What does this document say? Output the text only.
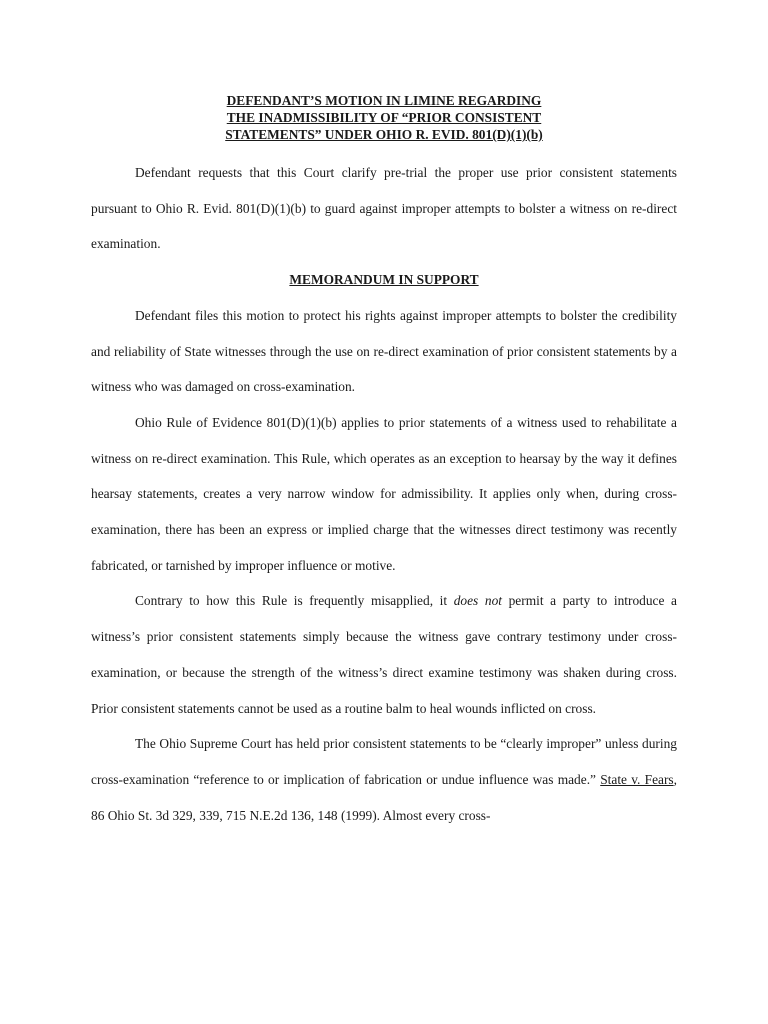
DEFENDANT’S MOTION IN LIMINE REGARDING
THE INADMISSIBILITY OF “PRIOR CONSISTENT
STATEMENTS” UNDER OHIO R. EVID. 801(D)(1)(b)

Defendant requests that this Court clarify pre-trial the proper use prior consistent statements pursuant to Ohio R. Evid. 801(D)(1)(b) to guard against improper attempts to bolster a witness on re-direct examination.

MEMORANDUM IN SUPPORT

Defendant files this motion to protect his rights against improper attempts to bolster the credibility and reliability of State witnesses through the use on re-direct examination of prior consistent statements by a witness who was damaged on cross-examination.

Ohio Rule of Evidence 801(D)(1)(b) applies to prior statements of a witness used to rehabilitate a witness on re-direct examination. This Rule, which operates as an exception to hearsay by the way it defines hearsay statements, creates a very narrow window for admissibility. It applies only when, during cross-examination, there has been an express or implied charge that the witnesses direct testimony was recently fabricated, or tarnished by improper influence or motive.

Contrary to how this Rule is frequently misapplied, it does not permit a party to introduce a witness’s prior consistent statements simply because the witness gave contrary testimony under cross-examination, or because the strength of the witness’s direct examine testimony was shaken during cross. Prior consistent statements cannot be used as a routine balm to heal wounds inflicted on cross.

The Ohio Supreme Court has held prior consistent statements to be “clearly improper” unless during cross-examination “reference to or implication of fabrication or undue influence was made.” State v. Fears, 86 Ohio St. 3d 329, 339, 715 N.E.2d 136, 148 (1999). Almost every cross-
